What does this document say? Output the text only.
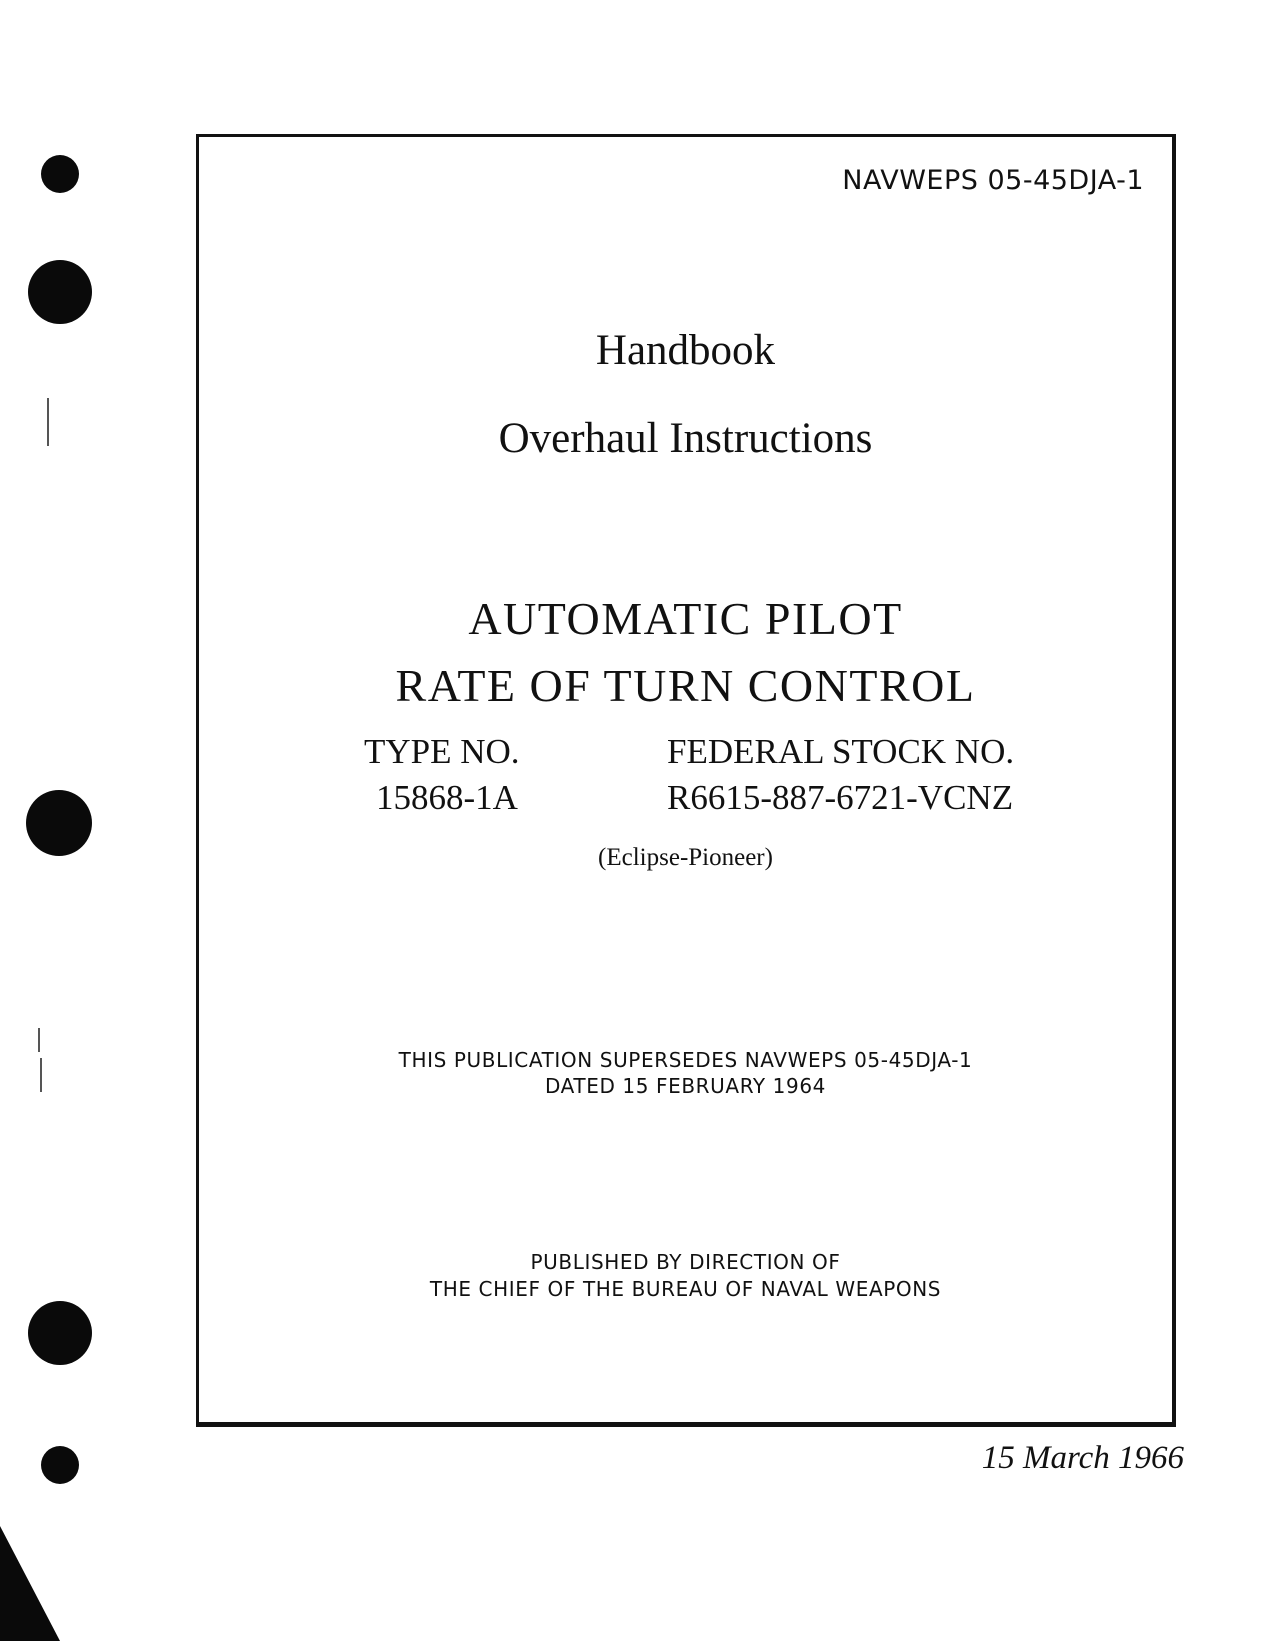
NAVWEPS 05-45DJA-1
Handbook
Overhaul Instructions
AUTOMATIC PILOT
RATE OF TURN CONTROL
TYPE NO.
15868-1A
FEDERAL STOCK NO.
R6615-887-6721-VCNZ
(Eclipse-Pioneer)
THIS PUBLICATION SUPERSEDES NAVWEPS 05-45DJA-1
DATED 15 FEBRUARY 1964
PUBLISHED BY DIRECTION OF
THE CHIEF OF THE BUREAU OF NAVAL WEAPONS
15 March 1966
